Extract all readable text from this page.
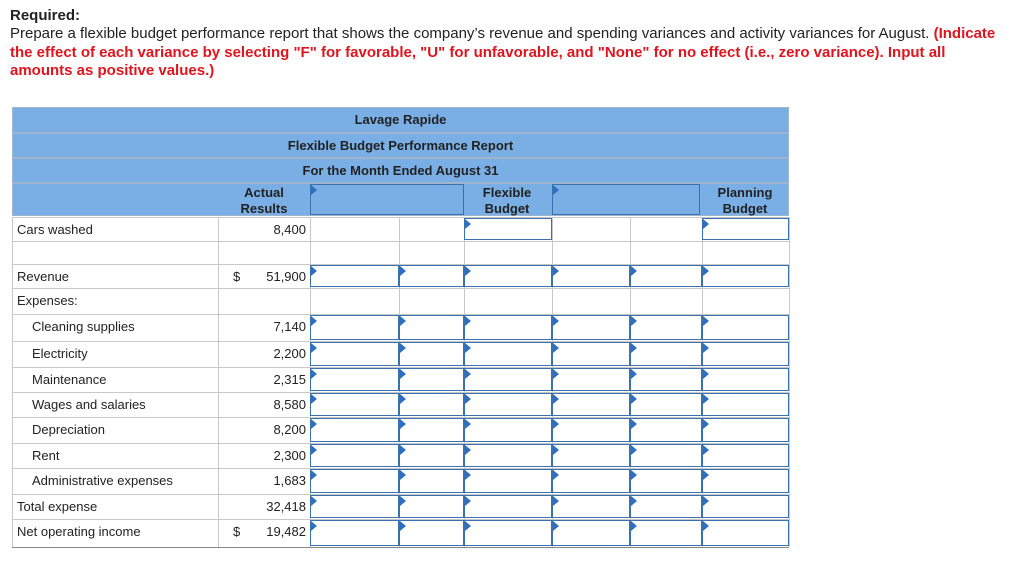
Required:
Prepare a flexible budget performance report that shows the company’s revenue and spending variances and activity variances for August. (Indicate the effect of each variance by selecting "F" for favorable, "U" for unfavorable, and "None" for no effect (i.e., zero variance). Input all amounts as positive values.)
Lavage Rapide
Flexible Budget Performance Report
For the Month Ended August 31
Actual Results
Flexible Budget
Planning Budget
Cars washed	8,400
Revenue	$	51,900
Expenses:
Cleaning supplies	7,140
Electricity	2,200
Maintenance	2,315
Wages and salaries	8,580
Depreciation	8,200
Rent	2,300
Administrative expenses	1,683
Total expense	32,418
Net operating income	$	19,482
